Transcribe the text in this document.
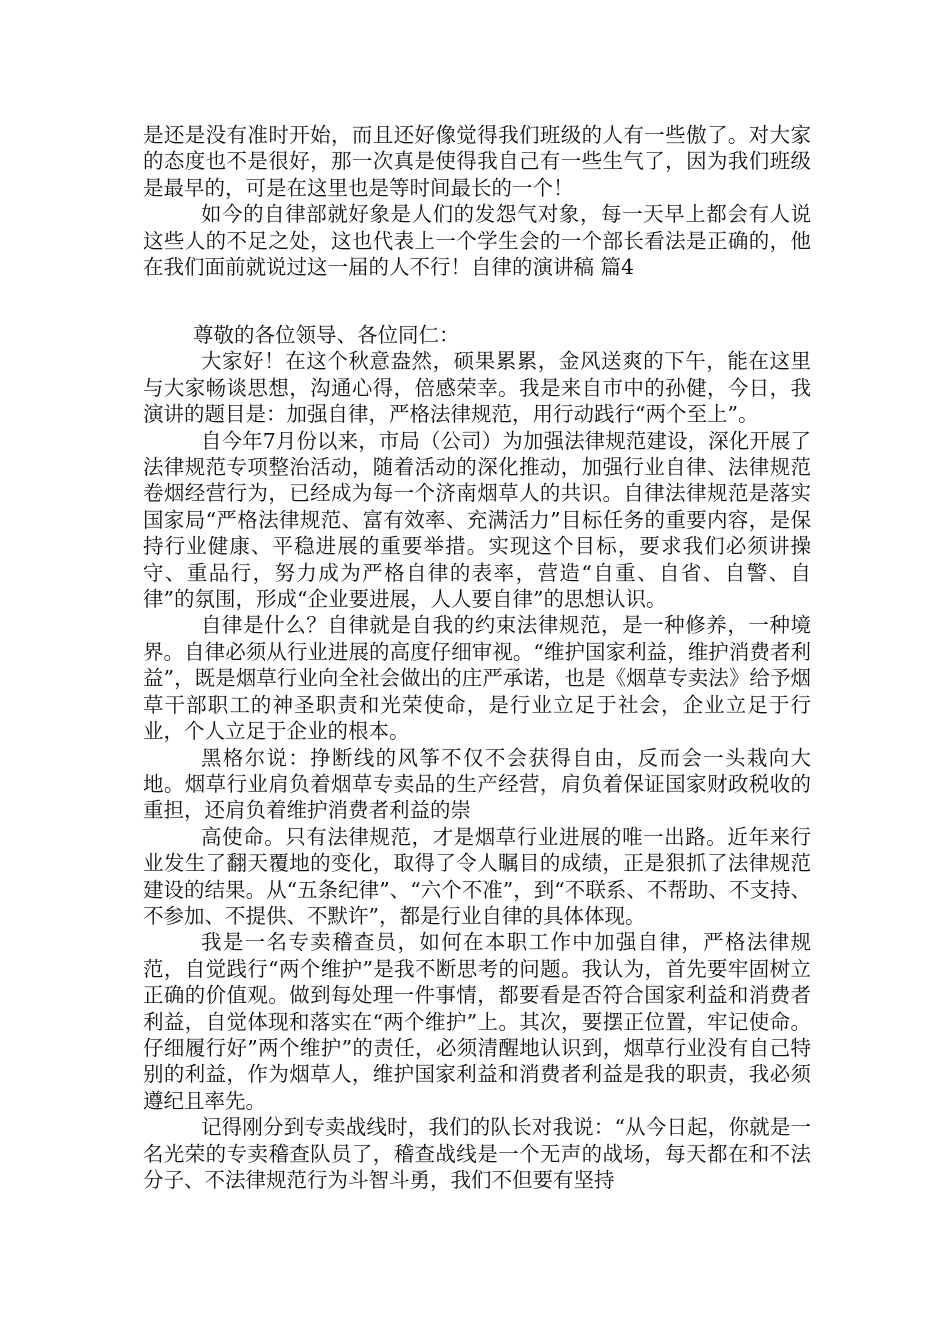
是还是没有准时开始，而且还好像觉得我们班级的人有一些傲了。对大家的态度也不是很好，那一次真是使得我自己有一些生气了，因为我们班级是最早的，可是在这里也是等时间最长的一个！

如今的自律部就好象是人们的发怨气对象，每一天早上都会有人说这些人的不足之处，这也代表上一个学生会的一个部长看法是正确的，他在我们面前就说过这一届的人不行！自律的演讲稿 篇4

尊敬的各位领导、各位同仁：

大家好！在这个秋意盎然，硕果累累，金风送爽的下午，能在这里与大家畅谈思想，沟通心得，倍感荣幸。我是来自市中的孙健，今日，我演讲的题目是：加强自律，严格法律规范，用行动践行“两个至上”。

自今年7月份以来，市局（公司）为加强法律规范建设，深化开展了法律规范专项整治活动，随着活动的深化推动，加强行业自律、法律规范卷烟经营行为，已经成为每一个济南烟草人的共识。自律法律规范是落实国家局“严格法律规范、富有效率、充满活力”目标任务的重要内容，是保持行业健康、平稳进展的重要举措。实现这个目标，要求我们必须讲操守、重品行，努力成为严格自律的表率，营造“自重、自省、自警、自律”的氛围，形成“企业要进展，人人要自律”的思想认识。

自律是什么？自律就是自我的约束法律规范，是一种修养，一种境界。自律必须从行业进展的高度仔细审视。“维护国家利益，维护消费者利益”，既是烟草行业向全社会做出的庄严承诺，也是《烟草专卖法》给予烟草干部职工的神圣职责和光荣使命，是行业立足于社会，企业立足于行业，个人立足于企业的根本。

黑格尔说：挣断线的风筝不仅不会获得自由，反而会一头栽向大地。烟草行业肩负着烟草专卖品的生产经营，肩负着保证国家财政税收的重担，还肩负着维护消费者利益的崇

高使命。只有法律规范，才是烟草行业进展的唯一出路。近年来行业发生了翻天覆地的变化，取得了令人瞩目的成绩，正是狠抓了法律规范建设的结果。从“五条纪律”、“六个不准”，到“不联系、不帮助、不支持、不参加、不提供、不默许”，都是行业自律的具体体现。

我是一名专卖稽查员，如何在本职工作中加强自律，严格法律规范，自觉践行“两个维护”是我不断思考的问题。我认为，首先要牢固树立正确的价值观。做到每处理一件事情，都要看是否符合国家利益和消费者利益，自觉体现和落实在“两个维护”上。其次，要摆正位置，牢记使命。仔细履行好”两个维护”的责任，必须清醒地认识到，烟草行业没有自己特别的利益，作为烟草人，维护国家利益和消费者利益是我的职责，我必须遵纪且率先。

记得刚分到专卖战线时，我们的队长对我说：“从今日起，你就是一名光荣的专卖稽查队员了，稽查战线是一个无声的战场，每天都在和不法分子、不法律规范行为斗智斗勇，我们不但要有坚持
